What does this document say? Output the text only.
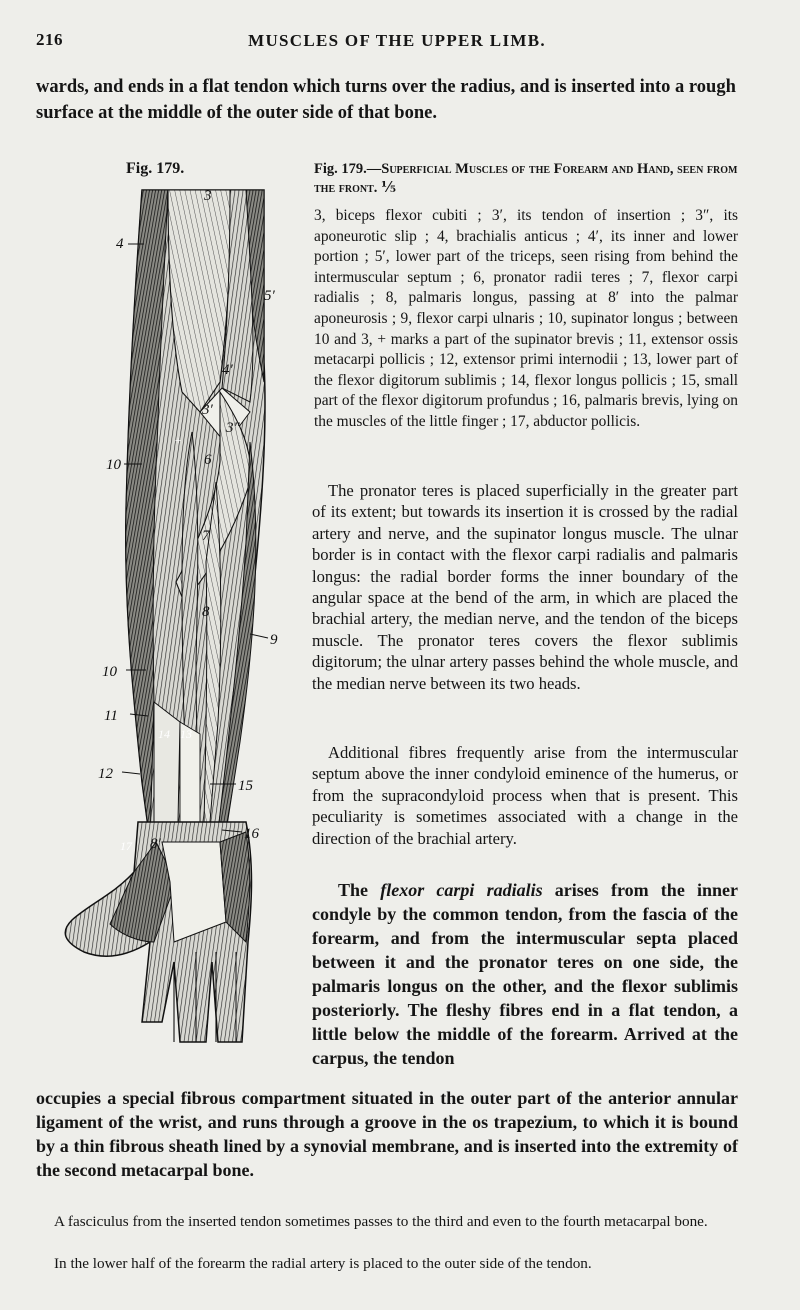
216	MUSCLES OF THE UPPER LIMB.

wards, and ends in a flat tendon which turns over the radius, and is inserted into a rough surface at the middle of the outer side of that bone.

Fig. 179.	Fig. 179.—Superficial Muscles of the Forearm and Hand, seen from the front. ⅕

3, biceps flexor cubiti ; 3′, its tendon of insertion ; 3″, its aponeurotic slip ; 4, brachialis anticus ; 4′, its inner and lower portion ; 5′, lower part of the triceps, seen rising from behind the intermuscular septum ; 6, pronator radii teres ; 7, flexor carpi radialis ; 8, palmaris longus, passing at 8′ into the palmar aponeurosis ; 9, flexor carpi ulnaris ; 10, supinator longus ; between 10 and 3, + marks a part of the supinator brevis ; 11, extensor ossis metacarpi pollicis ; 12, extensor primi internodii ; 13, lower part of the flexor digitorum sublimis ; 14, flexor longus pollicis ; 15, small part of the flexor digitorum profundus ; 16, palmaris brevis, lying on the muscles of the little finger ; 17, abductor pollicis.

3
4
5′
4′
3′
3″
+
6
10
7
8
9
10
11
14 13
12
15
16
17 8′

The pronator teres is placed superficially in the greater part of its extent; but towards its insertion it is crossed by the radial artery and nerve, and the supinator longus muscle. The ulnar border is in contact with the flexor carpi radialis and palmaris longus: the radial border forms the inner boundary of the angular space at the bend of the arm, in which are placed the brachial artery, the median nerve, and the tendon of the biceps muscle. The pronator teres covers the flexor sublimis digitorum; the ulnar artery passes behind the whole muscle, and the median nerve between its two heads.

Additional fibres frequently arise from the intermuscular septum above the inner condyloid eminence of the humerus, or from the supracondyloid process when that is present. This peculiarity is sometimes associated with a change in the direction of the brachial artery.

The flexor carpi radialis arises from the inner condyle by the common tendon, from the fascia of the forearm, and from the intermuscular septa placed between it and the pronator teres on one side, the palmaris longus on the other, and the flexor sublimis posteriorly. The fleshy fibres end in a flat tendon, a little below the middle of the forearm. Arrived at the carpus, the tendon

occupies a special fibrous compartment situated in the outer part of the anterior annular ligament of the wrist, and runs through a groove in the os trapezium, to which it is bound by a thin fibrous sheath lined by a synovial membrane, and is inserted into the extremity of the second metacarpal bone.

A fasciculus from the inserted tendon sometimes passes to the third and even to the fourth metacarpal bone.

In the lower half of the forearm the radial artery is placed to the outer side of the tendon.
